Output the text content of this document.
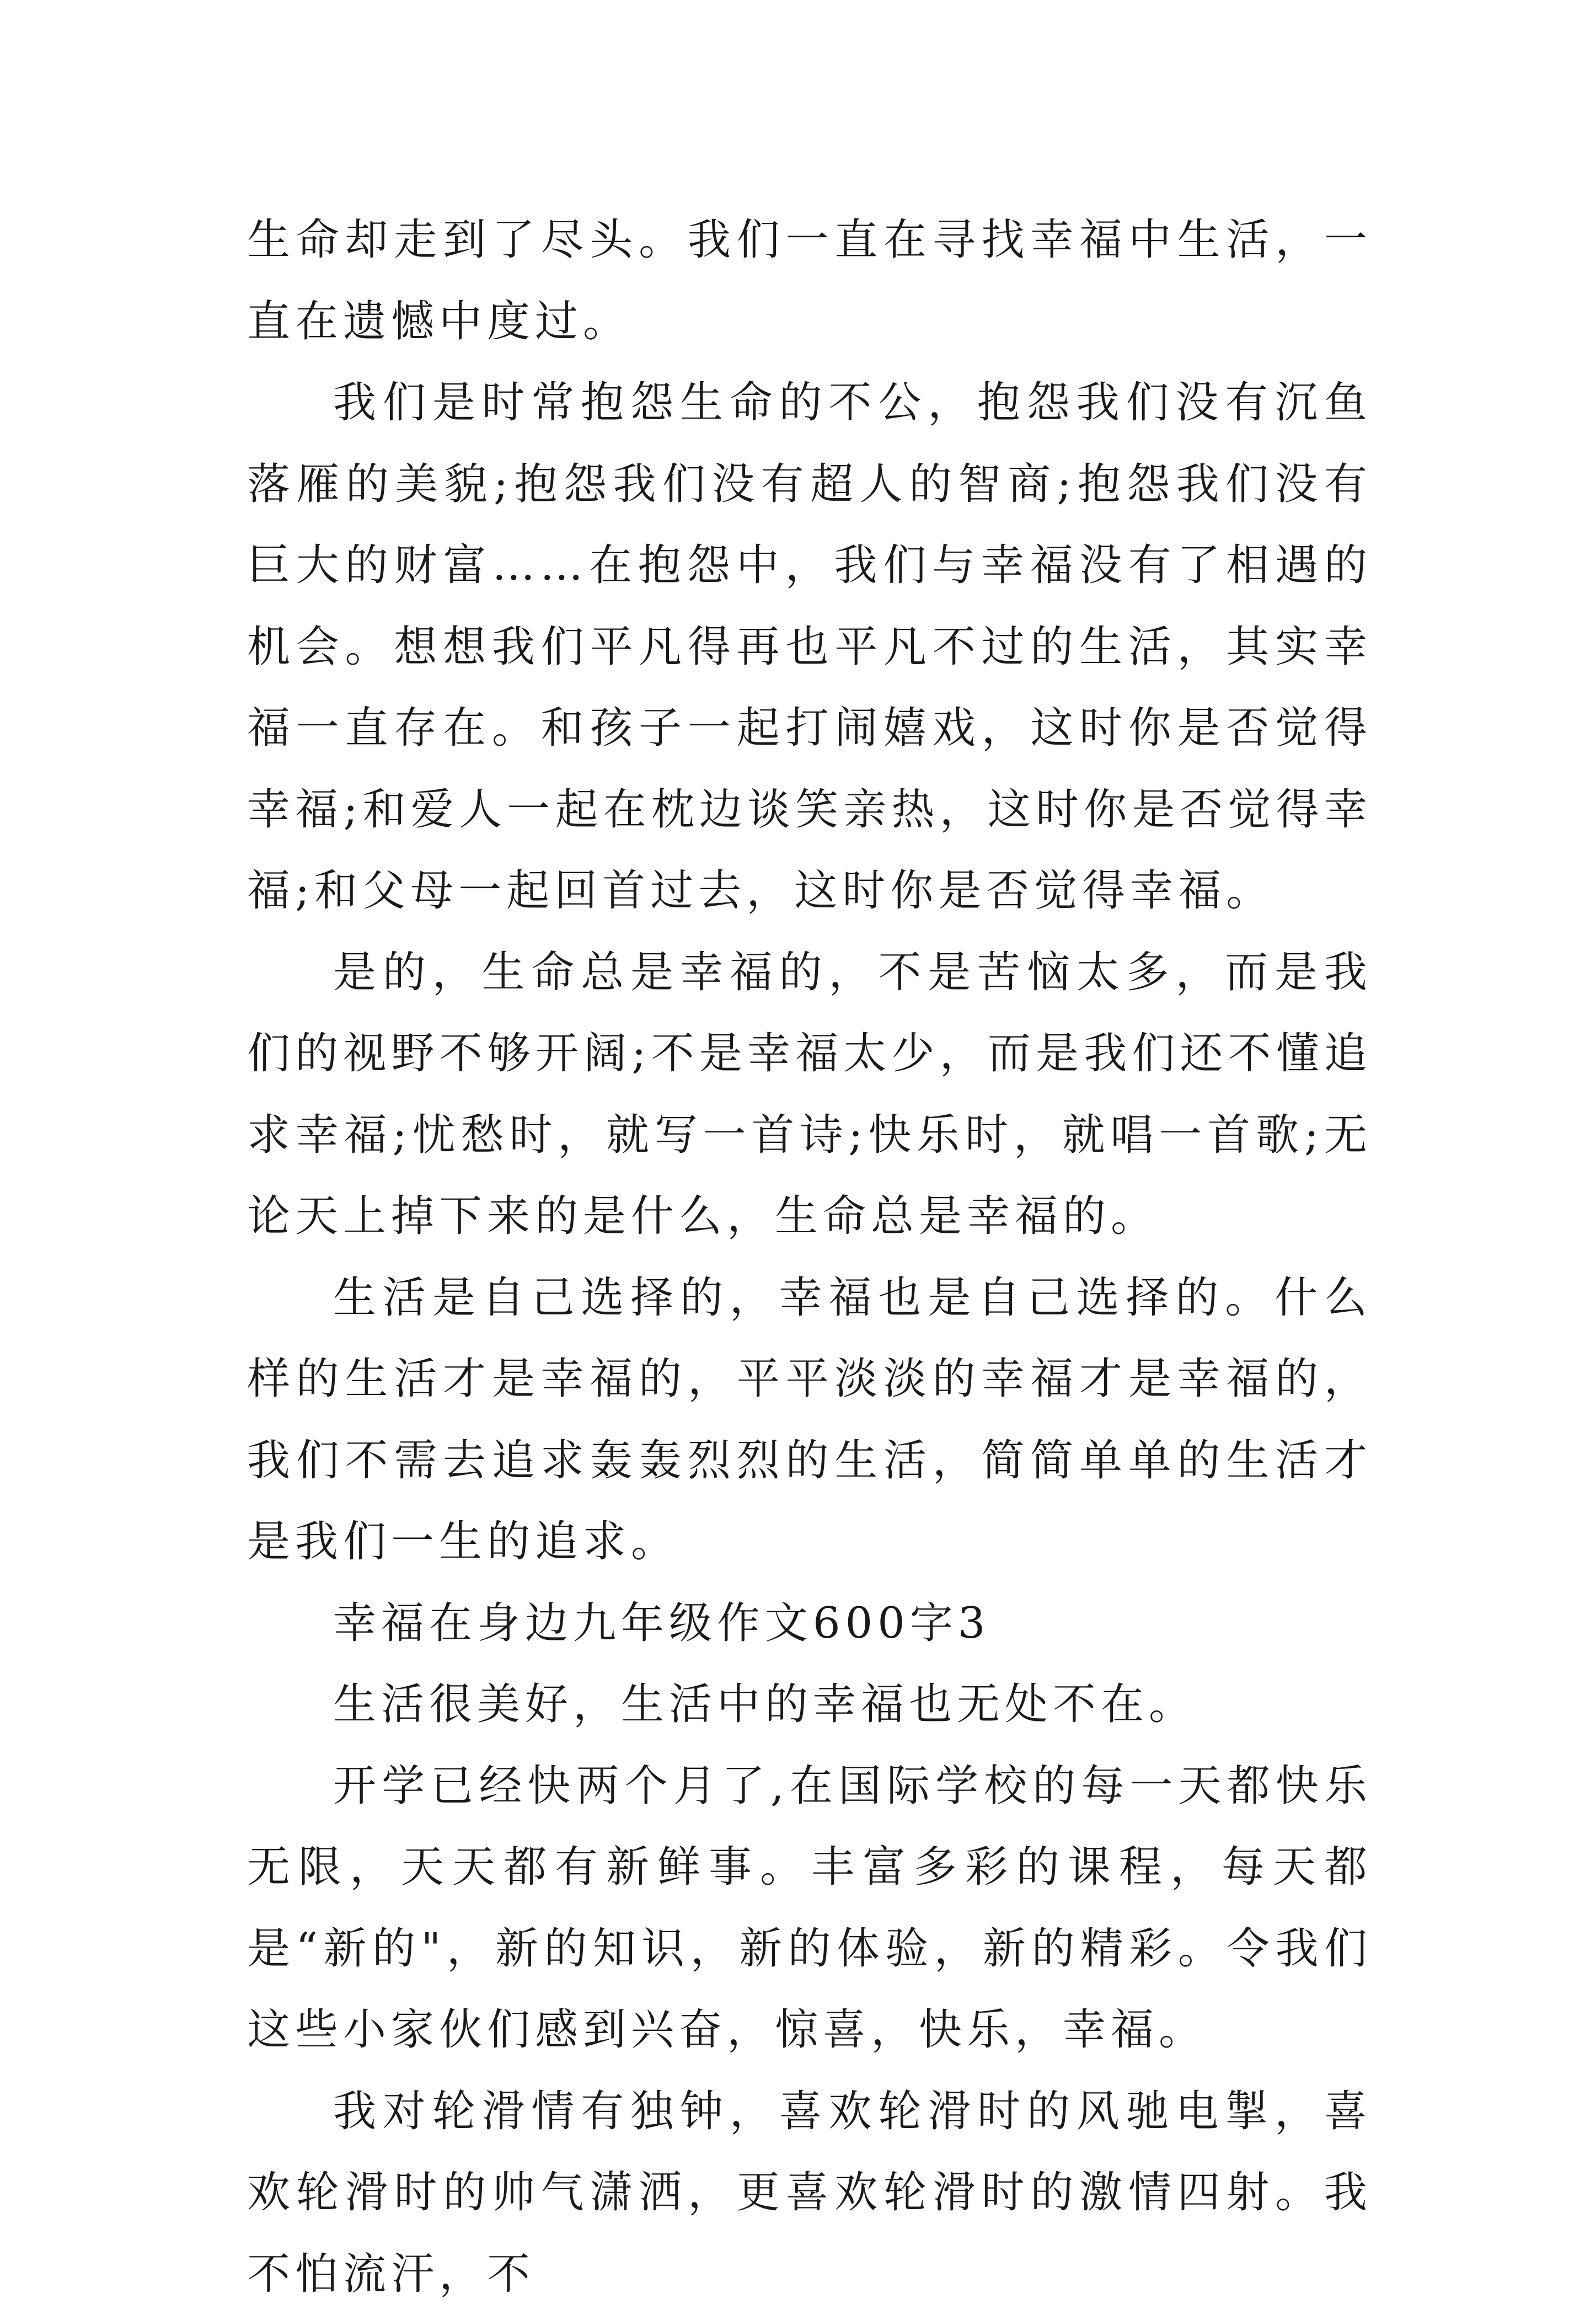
生命却走到了尽头。我们一直在寻找幸福中生活，一直在遗憾中度过。

我们是时常抱怨生命的不公，抱怨我们没有沉鱼落雁的美貌;抱怨我们没有超人的智商;抱怨我们没有巨大的财富……在抱怨中，我们与幸福没有了相遇的机会。想想我们平凡得再也平凡不过的生活，其实幸福一直存在。和孩子一起打闹嬉戏，这时你是否觉得幸福;和爱人一起在枕边谈笑亲热，这时你是否觉得幸福;和父母一起回首过去，这时你是否觉得幸福。

是的，生命总是幸福的，不是苦恼太多，而是我们的视野不够开阔;不是幸福太少，而是我们还不懂追求幸福;忧愁时，就写一首诗;快乐时，就唱一首歌;无论天上掉下来的是什么，生命总是幸福的。

生活是自己选择的，幸福也是自己选择的。什么样的生活才是幸福的，平平淡淡的幸福才是幸福的，我们不需去追求轰轰烈烈的生活，简简单单的生活才是我们一生的追求。

幸福在身边九年级作文600字3

生活很美好，生活中的幸福也无处不在。

开学已经快两个月了,在国际学校的每一天都快乐无限，天天都有新鲜事。丰富多彩的课程，每天都是“新的"，新的知识，新的体验，新的精彩。令我们这些小家伙们感到兴奋，惊喜，快乐，幸福。

我对轮滑情有独钟，喜欢轮滑时的风驰电掣，喜欢轮滑时的帅气潇洒，更喜欢轮滑时的激情四射。我不怕流汗，不
